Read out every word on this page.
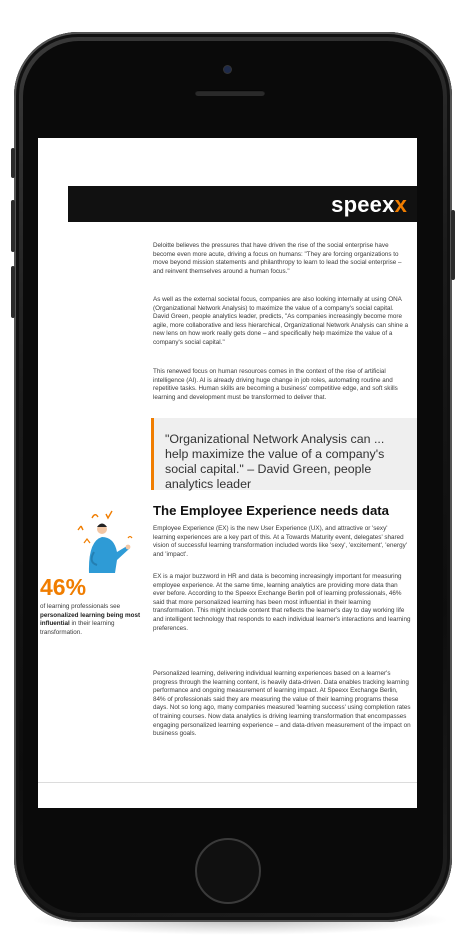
speexx

Deloitte believes the pressures that have driven the rise of the social enterprise have become even more acute, driving a focus on humans: "They are forcing organizations to move beyond mission statements and philanthropy to learn to lead the social enterprise – and reinvent themselves around a human focus."

As well as the external societal focus, companies are also looking internally at using ONA (Organizational Network Analysis) to maximize the value of a company's social capital. David Green, people analytics leader, predicts, "As companies increasingly become more agile, more collaborative and less hierarchical, Organizational Network Analysis can shine a new lens on how work really gets done – and specifically help maximize the value of a company's social capital."

This renewed focus on human resources comes in the context of the rise of artificial intelligence (AI). AI is already driving huge change in job roles, automating routine and repetitive tasks. Human skills are becoming a business' competitive edge, and soft skills learning and development must be transformed to deliver that.

"Organizational Network Analysis can ... help maximize the value of a company's social capital." – David Green, people analytics leader
The Employee Experience needs data
46%
of learning professionals see personalized learning being most influential in their learning transformation.

Employee Experience (EX) is the new User Experience (UX), and attractive or 'sexy' learning experiences are a key part of this. At a Towards Maturity event, delegates' shared vision of successful learning transformation included words like 'sexy', 'excitement', 'energy' and 'impact'.

EX is a major buzzword in HR and data is becoming increasingly important for measuring employee experience. At the same time, learning analytics are providing more data than ever before. According to the Speexx Exchange Berlin poll of learning professionals, 46% said that more personalized learning has been most influential in their learning transformation. This might include content that reflects the learner's day to day working life and intelligent technology that responds to each individual learner's interactions and learning preferences.

Personalized learning, delivering individual learning experiences based on a learner's progress through the learning content, is heavily data-driven. Data enables tracking learning performance and ongoing measurement of learning impact. At Speexx Exchange Berlin, 84% of professionals said they are measuring the value of their learning programs these days. Not so long ago, many companies measured 'learning success' using completion rates of training courses. Now data analytics is driving learning transformation that encompasses engaging personalized learning experience – and data-driven measurement of the impact on business goals.
